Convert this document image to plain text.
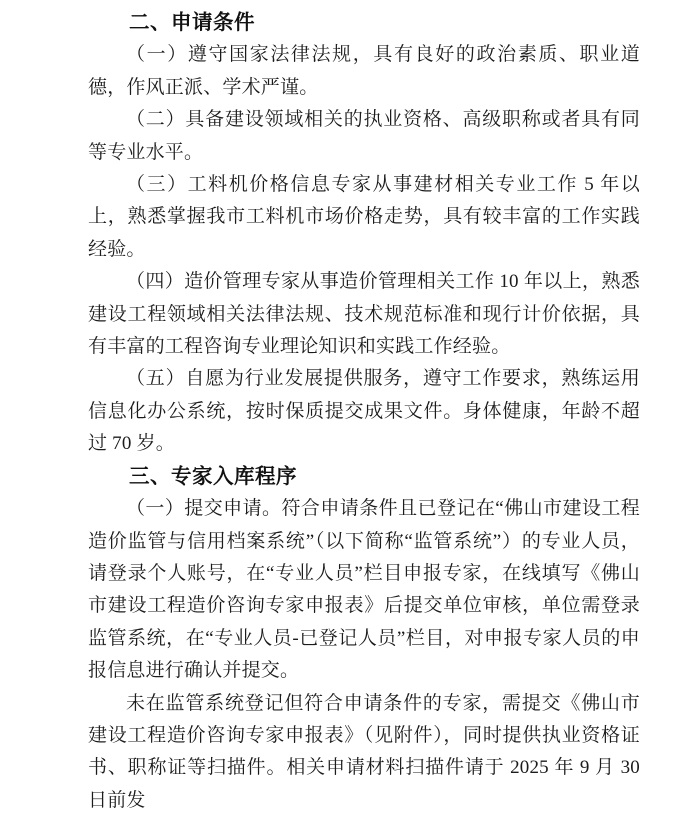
二、申请条件

（一）遵守国家法律法规，具有良好的政治素质、职业道德，作风正派、学术严谨。

（二）具备建设领域相关的执业资格、高级职称或者具有同等专业水平。

（三）工料机价格信息专家从事建材相关专业工作 5 年以上，熟悉掌握我市工料机市场价格走势，具有较丰富的工作实践经验。

（四）造价管理专家从事造价管理相关工作 10 年以上，熟悉建设工程领域相关法律法规、技术规范标准和现行计价依据，具有丰富的工程咨询专业理论知识和实践工作经验。

（五）自愿为行业发展提供服务，遵守工作要求，熟练运用信息化办公系统，按时保质提交成果文件。身体健康，年龄不超过 70 岁。

三、专家入库程序

（一）提交申请。符合申请条件且已登记在“佛山市建设工程造价监管与信用档案系统”（以下简称“监管系统”）的专业人员，请登录个人账号，在“专业人员”栏目申报专家，在线填写《佛山市建设工程造价咨询专家申报表》后提交单位审核，单位需登录监管系统，在“专业人员-已登记人员”栏目，对申报专家人员的申报信息进行确认并提交。

未在监管系统登记但符合申请条件的专家，需提交《佛山市建设工程造价咨询专家申报表》（见附件），同时提供执业资格证书、职称证等扫描件。相关申请材料扫描件请于 2025 年 9 月 30 日前发
